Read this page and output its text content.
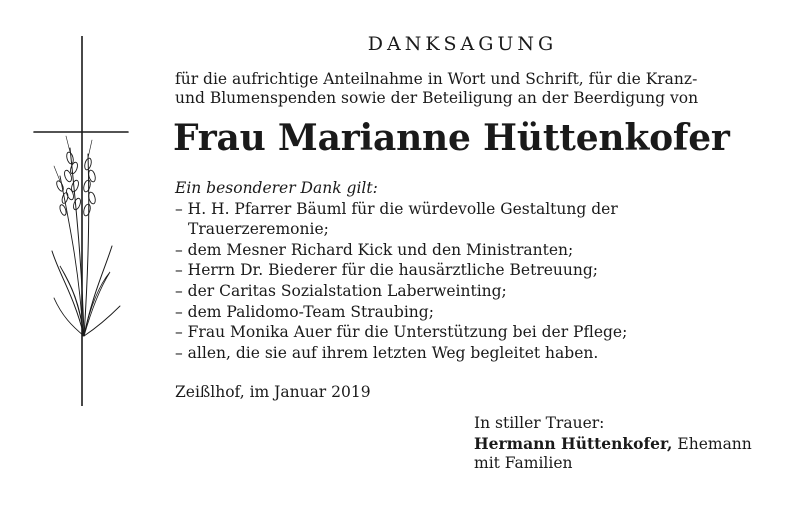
DANKSAGUNG
für die aufrichtige Anteilnahme in Wort und Schrift, für die Kranz-
und Blumenspenden sowie der Beteiligung an der Beerdigung von
Frau Marianne Hüttenkofer
Ein besonderer Dank gilt:
– H. H. Pfarrer Bäuml für die würdevolle Gestaltung der Trauerzeremonie;
– dem Mesner Richard Kick und den Ministranten;
– Herrn Dr. Biederer für die hausärztliche Betreuung;
– der Caritas Sozialstation Laberweinting;
– dem Palidomo-Team Straubing;
– Frau Monika Auer für die Unterstützung bei der Pflege;
– allen, die sie auf ihrem letzten Weg begleitet haben.
Zeißlhof, im Januar 2019
In stiller Trauer:
Hermann Hüttenkofer, Ehemann
mit Familien
